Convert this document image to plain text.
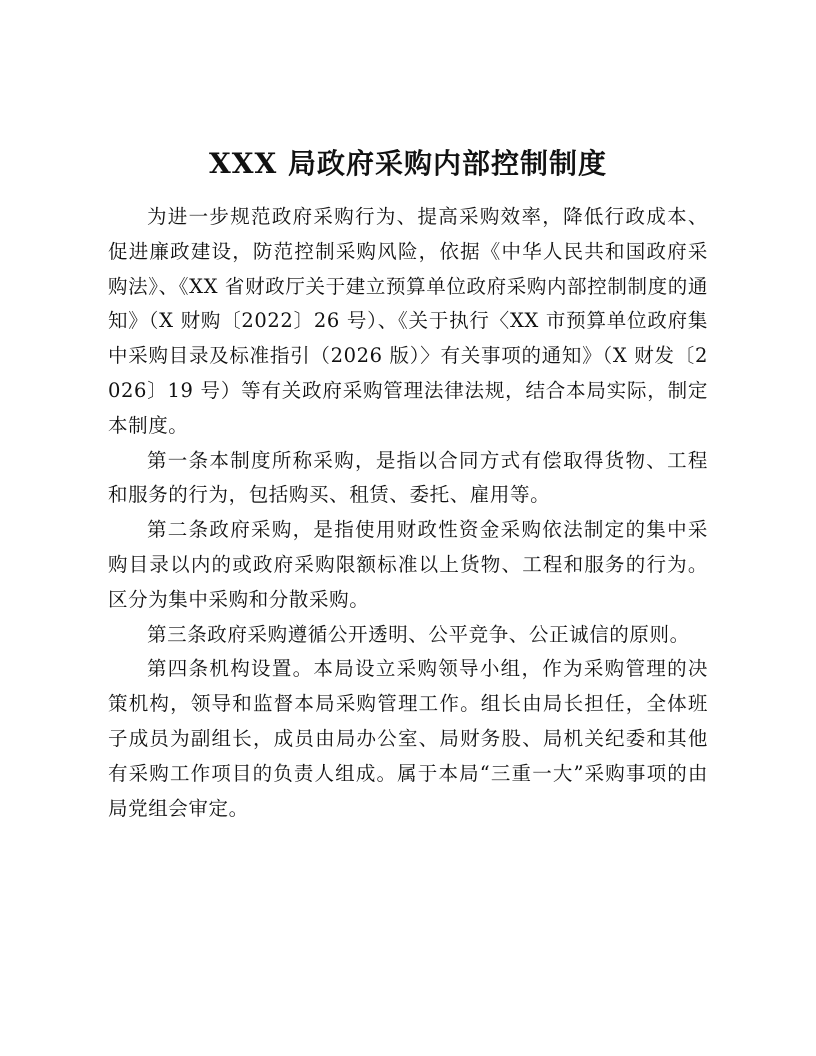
XXX 局政府采购内部控制制度

为进一步规范政府采购行为、提高采购效率，降低行政成本、促进廉政建设，防范控制采购风险，依据《中华人民共和国政府采购法》、《XX 省财政厅关于建立预算单位政府采购内部控制制度的通知》（X 财购〔2022〕26 号）、《关于执行〈XX 市预算单位政府集中采购目录及标准指引（2026 版）〉有关事项的通知》（X 财发〔2026〕19 号）等有关政府采购管理法律法规，结合本局实际，制定本制度。

第一条本制度所称采购，是指以合同方式有偿取得货物、工程和服务的行为，包括购买、租赁、委托、雇用等。

第二条政府采购，是指使用财政性资金采购依法制定的集中采购目录以内的或政府采购限额标准以上货物、工程和服务的行为。区分为集中采购和分散采购。

第三条政府采购遵循公开透明、公平竞争、公正诚信的原则。

第四条机构设置。本局设立采购领导小组，作为采购管理的决策机构，领导和监督本局采购管理工作。组长由局长担任，全体班子成员为副组长，成员由局办公室、局财务股、局机关纪委和其他有采购工作项目的负责人组成。属于本局“三重一大”采购事项的由局党组会审定。
